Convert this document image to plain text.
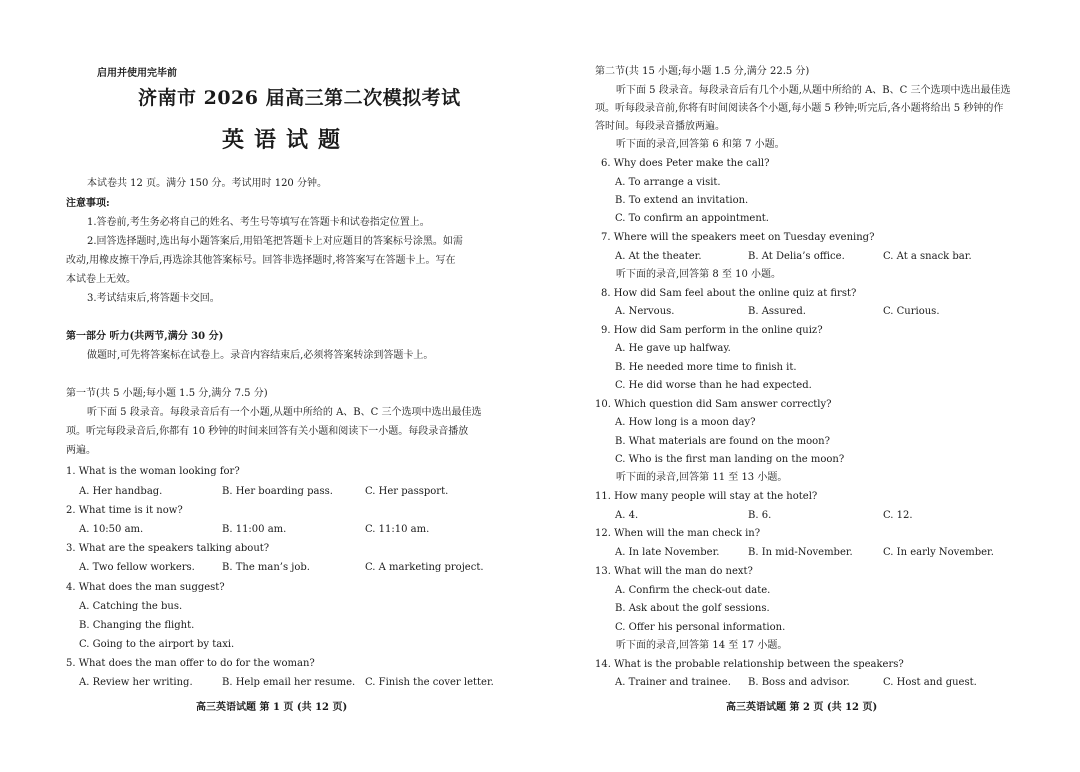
启用并使用完毕前
济南市 2026 届高三第二次模拟考试
英语试题
本试卷共 12 页。满分 150 分。考试用时 120 分钟。
注意事项:
1.答卷前,考生务必将自己的姓名、考生号等填写在答题卡和试卷指定位置上。
2.回答选择题时,选出每小题答案后,用铅笔把答题卡上对应题目的答案标号涂黑。如需
改动,用橡皮擦干净后,再选涂其他答案标号。回答非选择题时,将答案写在答题卡上。写在
本试卷上无效。
3.考试结束后,将答题卡交回。
第一部分 听力(共两节,满分 30 分)
做题时,可先将答案标在试卷上。录音内容结束后,必须将答案转涂到答题卡上。
第一节(共 5 小题;每小题 1.5 分,满分 7.5 分)
听下面 5 段录音。每段录音后有一个小题,从题中所给的 A、B、C 三个选项中选出最佳选
项。听完每段录音后,你都有 10 秒钟的时间来回答有关小题和阅读下一小题。每段录音播放
两遍。
1. What is the woman looking for?
A. Her handbag.	B. Her boarding pass.	C. Her passport.
2. What time is it now?
A. 10:50 am.	B. 11:00 am.	C. 11:10 am.
3. What are the speakers talking about?
A. Two fellow workers.	B. The man’s job.	C. A marketing project.
4. What does the man suggest?
A. Catching the bus.
B. Changing the flight.
C. Going to the airport by taxi.
5. What does the man offer to do for the woman?
A. Review her writing.	B. Help email her resume. C. Finish the cover letter.
高三英语试题 第 1 页 (共 12 页)
第二节(共 15 小题;每小题 1.5 分,满分 22.5 分)
听下面 5 段录音。每段录音后有几个小题,从题中所给的 A、B、C 三个选项中选出最佳选
项。听每段录音前,你将有时间阅读各个小题,每小题 5 秒钟;听完后,各小题将给出 5 秒钟的作
答时间。每段录音播放两遍。
听下面的录音,回答第 6 和第 7 小题。
6. Why does Peter make the call?
A. To arrange a visit.
B. To extend an invitation.
C. To confirm an appointment.
7. Where will the speakers meet on Tuesday evening?
A. At the theater.	B. At Delia’s office.	C. At a snack bar.
听下面的录音,回答第 8 至 10 小题。
8. How did Sam feel about the online quiz at first?
A. Nervous.	B. Assured.	C. Curious.
9. How did Sam perform in the online quiz?
A. He gave up halfway.
B. He needed more time to finish it.
C. He did worse than he had expected.
10. Which question did Sam answer correctly?
A. How long is a moon day?
B. What materials are found on the moon?
C. Who is the first man landing on the moon?
听下面的录音,回答第 11 至 13 小题。
11. How many people will stay at the hotel?
A. 4.	B. 6.	C. 12.
12. When will the man check in?
A. In late November.	B. In mid-November.	C. In early November.
13. What will the man do next?
A. Confirm the check-out date.
B. Ask about the golf sessions.
C. Offer his personal information.
听下面的录音,回答第 14 至 17 小题。
14. What is the probable relationship between the speakers?
A. Trainer and trainee. B. Boss and advisor.	C. Host and guest.
高三英语试题 第 2 页 (共 12 页)
